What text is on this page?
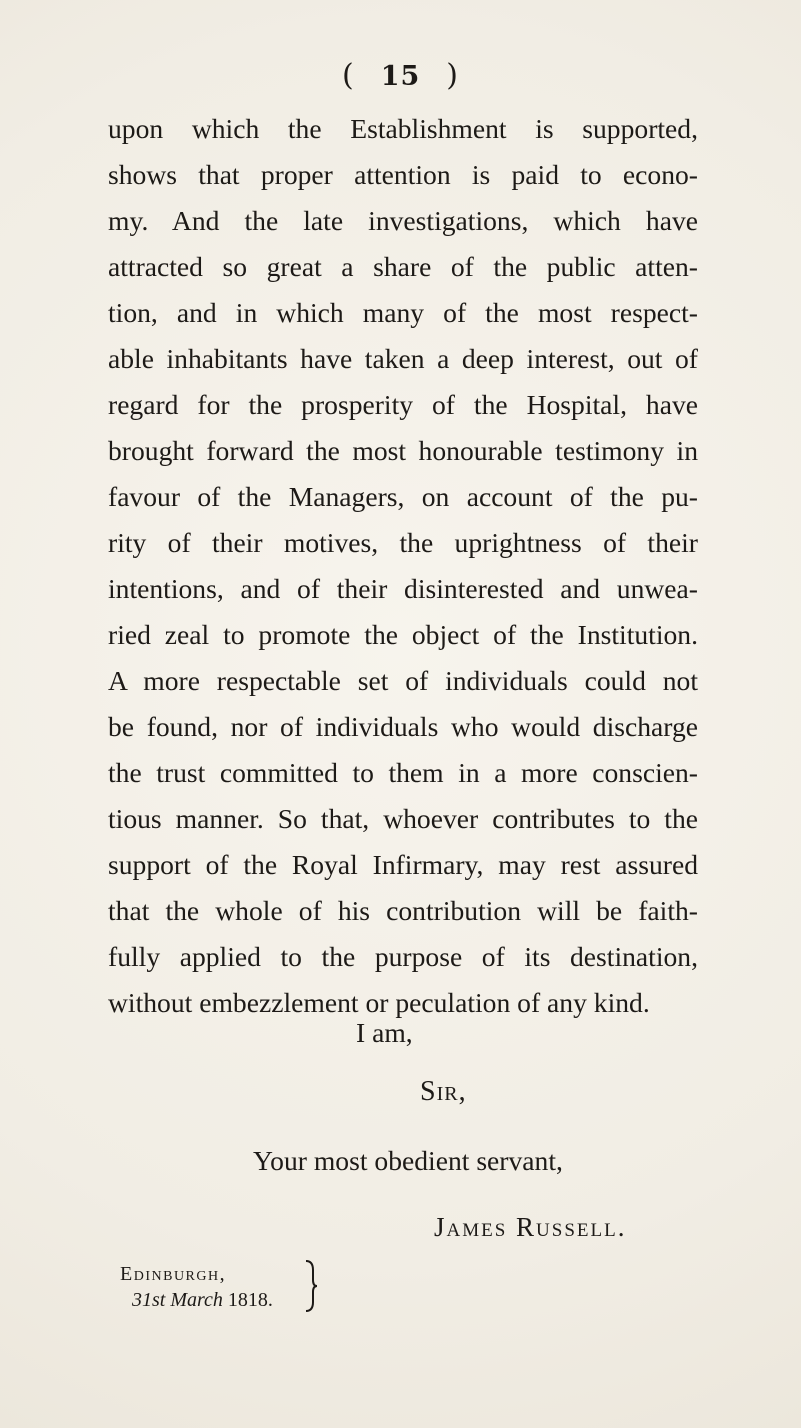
( 15 )
upon which the Establishment is supported,
shows that proper attention is paid to econo-
my. And the late investigations, which have
attracted so great a share of the public atten-
tion, and in which many of the most respect-
able inhabitants have taken a deep interest, out of
regard for the prosperity of the Hospital, have
brought forward the most honourable testimony in
favour of the Managers, on account of the pu-
rity of their motives, the uprightness of their
intentions, and of their disinterested and unwea-
ried zeal to promote the object of the Institution.
A more respectable set of individuals could not
be found, nor of individuals who would discharge
the trust committed to them in a more conscien-
tious manner. So that, whoever contributes to the
support of the Royal Infirmary, may rest assured
that the whole of his contribution will be faith-
fully applied to the purpose of its destination,
without embezzlement or peculation of any kind.
I am,
Sir,
Your most obedient servant,
James Russell.
Edinburgh,
31st March 1818.
